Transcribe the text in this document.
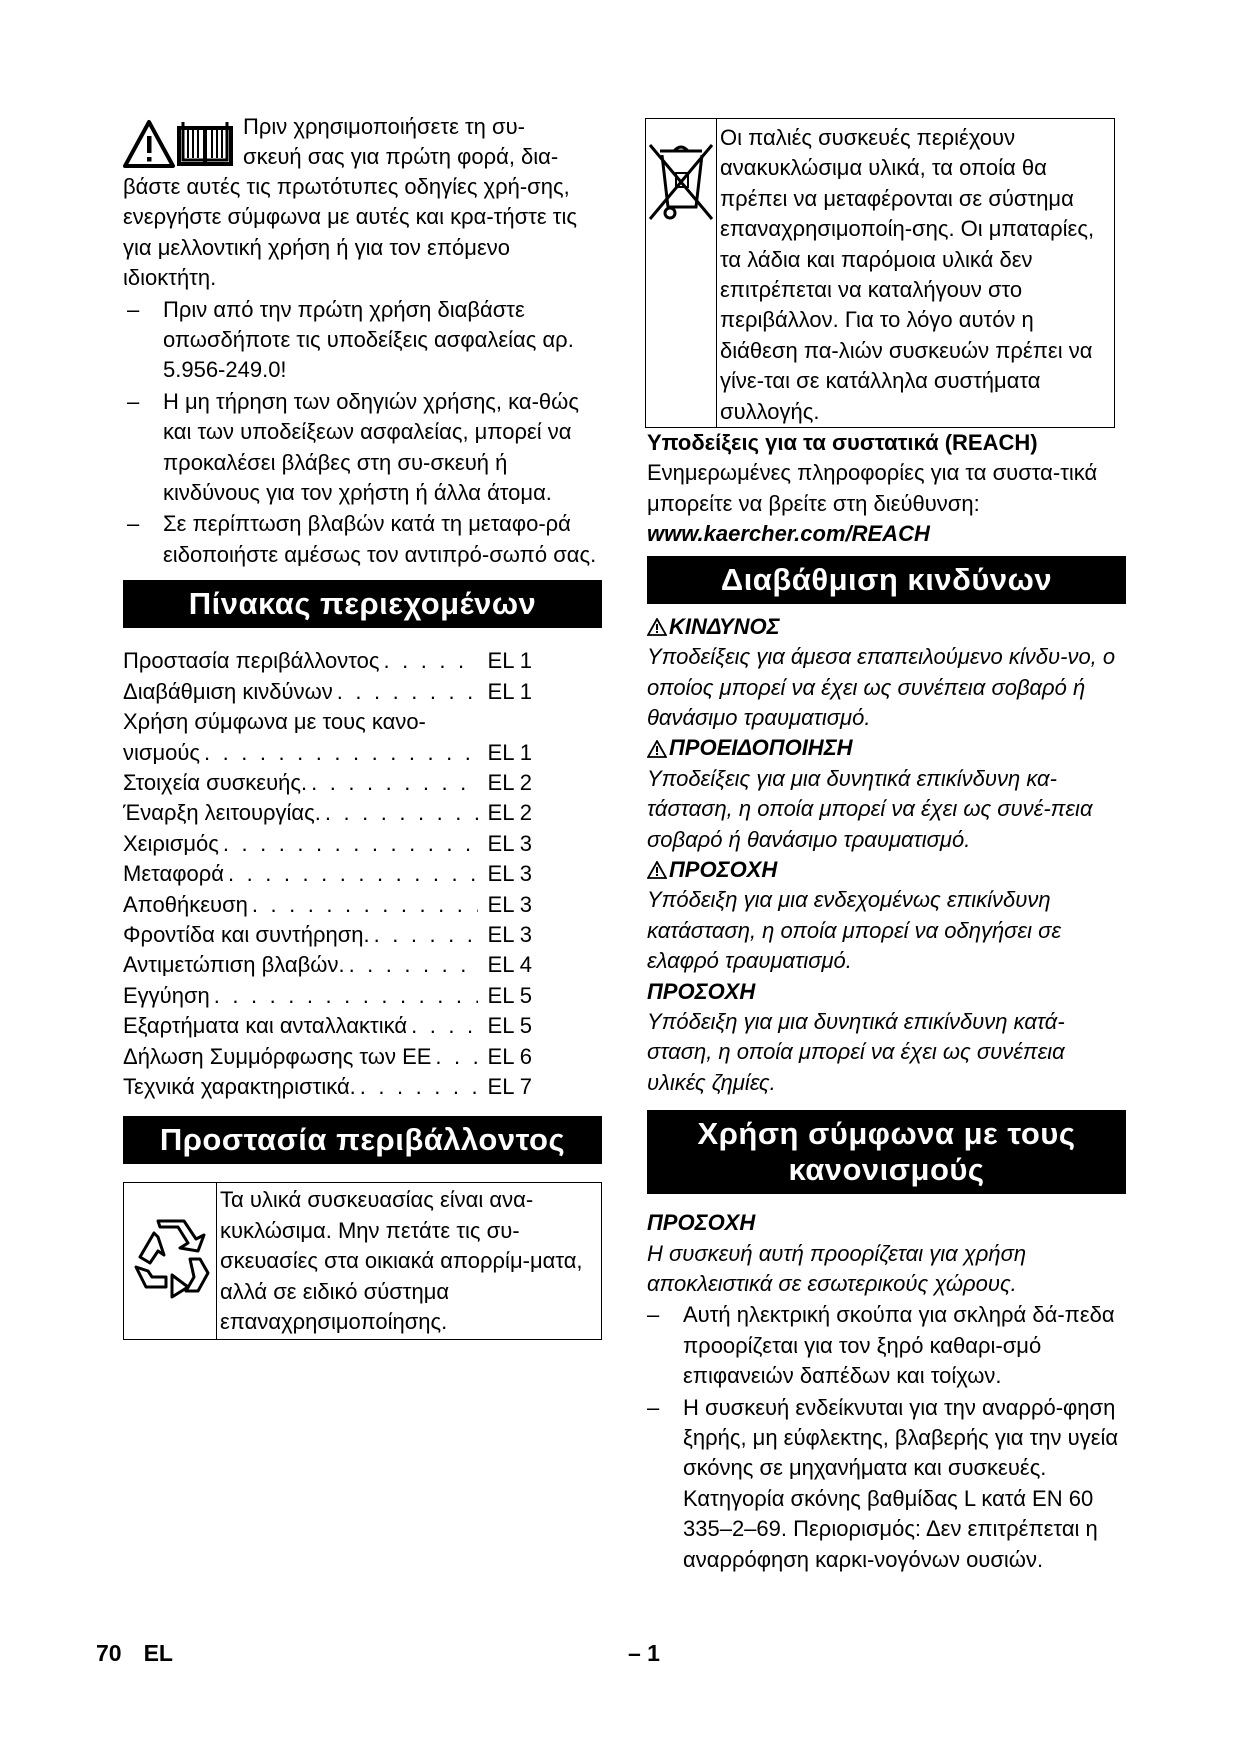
Πριν χρησιμοποιήσετε τη συ-

σκευή σας για πρώτη φορά, δια-

βάστε αυτές τις πρωτότυπες οδηγίες χρή-σης, ενεργήστε σύμφωνα με αυτές και κρα-τήστε τις για μελλοντική χρήση ή για τον επόμενο ιδιοκτήτη.

– Πριν από την πρώτη χρήση διαβάστε οπωσδήποτε τις υποδείξεις ασφαλείας αρ. 5.956-249.0!
– Η μη τήρηση των οδηγιών χρήσης, κα-θώς και των υποδείξεων ασφαλείας, μπορεί να προκαλέσει βλάβες στη συ-σκευή ή κινδύνους για τον χρήστη ή άλλα άτομα.
– Σε περίπτωση βλαβών κατά τη μεταφο-ρά ειδοποιήστε αμέσως τον αντιπρό-σωπό σας.
Πίνακας περιεχομένων
Προστασία περιβάλλοντος . . .	EL 1
Διαβάθμιση κινδύνων . . .	EL 1
Χρήση σύμφωνα με τους κανο-
νισμούς . . .	EL 1
Στοιχεία συσκευής. . . .	EL 2
Έναρξη λειτουργίας. . . .	EL 2
Χειρισμός . . .	EL 3
Μεταφορά . . .	EL 3
Αποθήκευση . . .	EL 3
Φροντίδα και συντήρηση. . . .	EL 3
Αντιμετώπιση βλαβών. . . .	EL 4
Εγγύηση . . .	EL 5
Εξαρτήματα και ανταλλακτικά . . .	EL 5
Δήλωση Συμμόρφωσης των ΕΕ . . .	EL 6
Τεχνικά χαρακτηριστικά. . . .	EL 7
Προστασία περιβάλλοντος
Τα υλικά συσκευασίας είναι ανα-κυκλώσιμα. Μην πετάτε τις συ-σκευασίες στα οικιακά απορρίμ-ματα, αλλά σε ειδικό σύστημα επαναχρησιμοποίησης.
Οι παλιές συσκευές περιέχουν ανακυκλώσιμα υλικά, τα οποία θα πρέπει να μεταφέρονται σε σύστημα επαναχρησιμοποίη-σης. Οι μπαταρίες, τα λάδια και παρόμοια υλικά δεν επιτρέπεται να καταλήγουν στο περιβάλλον. Για το λόγο αυτόν η διάθεση πα-λιών συσκευών πρέπει να γίνε-ται σε κατάλληλα συστήματα συλλογής.

Υποδείξεις για τα συστατικά (REACH)

Ενημερωμένες πληροφορίες για τα συστα-τικά μπορείτε να βρείτε στη διεύθυνση:

www.kaercher.com/REACH

Διαβάθμιση κινδύνων
ΚΙΝΔΥΝΟΣ

Υποδείξεις για άμεσα επαπειλούμενο κίνδυ-νο, ο οποίος μπορεί να έχει ως συνέπεια σοβαρό ή θανάσιμο τραυματισμό.

ΠΡΟΕΙΔΟΠΟΙΗΣΗ

Υποδείξεις για μια δυνητικά επικίνδυνη κα-τάσταση, η οποία μπορεί να έχει ως συνέ-πεια σοβαρό ή θανάσιμο τραυματισμό.

ΠΡΟΣΟΧΗ

Υπόδειξη για μια ενδεχομένως επικίνδυνη κατάσταση, η οποία μπορεί να οδηγήσει σε ελαφρό τραυματισμό.

ΠΡΟΣΟΧΗ

Υπόδειξη για μια δυνητικά επικίνδυνη κατά-σταση, η οποία μπορεί να έχει ως συνέπεια υλικές ζημίες.

Χρήση σύμφωνα με τους
κανονισμούς

ΠΡΟΣΟΧΗ

Η συσκευή αυτή προορίζεται για χρήση αποκλειστικά σε εσωτερικούς χώρους.

– Αυτή ηλεκτρική σκούπα για σκληρά δά-πεδα προορίζεται για τον ξηρό καθαρι-σμό επιφανειών δαπέδων και τοίχων.
– Η συσκευή ενδείκνυται για την αναρρό-φηση ξηρής, μη εύφλεκτης, βλαβερής για την υγεία σκόνης σε μηχανήματα και συσκευές. Κατηγορία σκόνης βαθμίδας L κατά EN 60 335–2–69. Περιορισμός: Δεν επιτρέπεται η αναρρόφηση καρκι-νογόνων ουσιών.
70 EL	– 1
